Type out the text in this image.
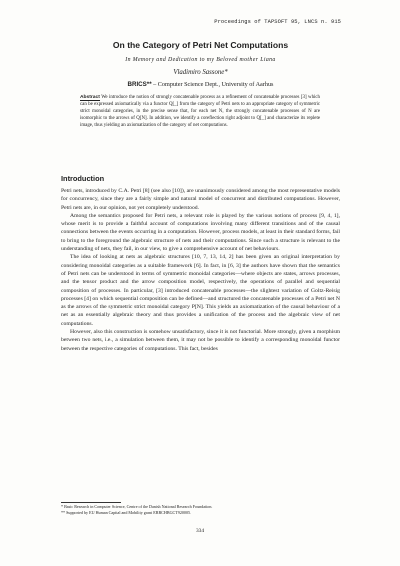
Proceedings of TAPSOFT 95, LNCS n. 915
On the Category of Petri Net Computations
In Memory and Dedication to my Beloved mother Liana
Vladimiro Sassone*
BRICS** – Computer Science Dept., University of Aarhus
Abstract We introduce the notion of strongly concatenable process as a refinement of concatenable processes [3] which can be expressed axiomatically via a functor Q[_] from the category of Petri nets to an appropriate category of symmetric strict monoidal categories, in the precise sense that, for each net N, the strongly concatenable processes of N are isomorphic to the arrows of Q[N]. In addition, we identify a coreflection right adjoint to Q[_] and characterize its replete image, thus yielding an axiomatization of the category of net computations.
Introduction

Petri nets, introduced by C.A. Petri [8] (see also [10]), are unanimously considered among the most representative models for concurrency, since they are a fairly simple and natural model of concurrent and distributed computations. However, Petri nets are, in our opinion, not yet completely understood.

Among the semantics proposed for Petri nets, a relevant role is played by the various notions of process [9, 4, 1], whose merit is to provide a faithful account of computations involving many different transitions and of the causal connections between the events occurring in a computation. However, process models, at least in their standard forms, fail to bring to the foreground the algebraic structure of nets and their computations. Since such a structure is relevant to the understanding of nets, they fail, in our view, to give a comprehensive account of net behaviours.

The idea of looking at nets as algebraic structures [10, 7, 13, 14, 2] has been given an original interpretation by considering monoidal categories as a suitable framework [6]. In fact, in [6, 3] the authors have shown that the semantics of Petri nets can be understood in terms of symmetric monoidal categories—where objects are states, arrows processes, and the tensor product and the arrow composition model, respectively, the operations of parallel and sequential composition of processes. In particular, [3] introduced concatenable processes—the slightest variation of Goltz-Reisig processes [4] on which sequential composition can be defined—and structured the concatenable processes of a Petri net N as the arrows of the symmetric strict monoidal category P[N]. This yields an axiomatization of the causal behaviour of a net as an essentially algebraic theory and thus provides a unification of the process and the algebraic view of net computations.

However, also this construction is somehow unsatisfactory, since it is not functorial. More strongly, given a morphism between two nets, i.e., a simulation between them, it may not be possible to identify a corresponding monoidal functor between the respective categories of computations. This fact, besides

* Basic Research in Computer Science, Centre of the Danish National Research Foundation.
** Supported by EU Human Capital and Mobility grant ERBCHBGCT920005.
334
